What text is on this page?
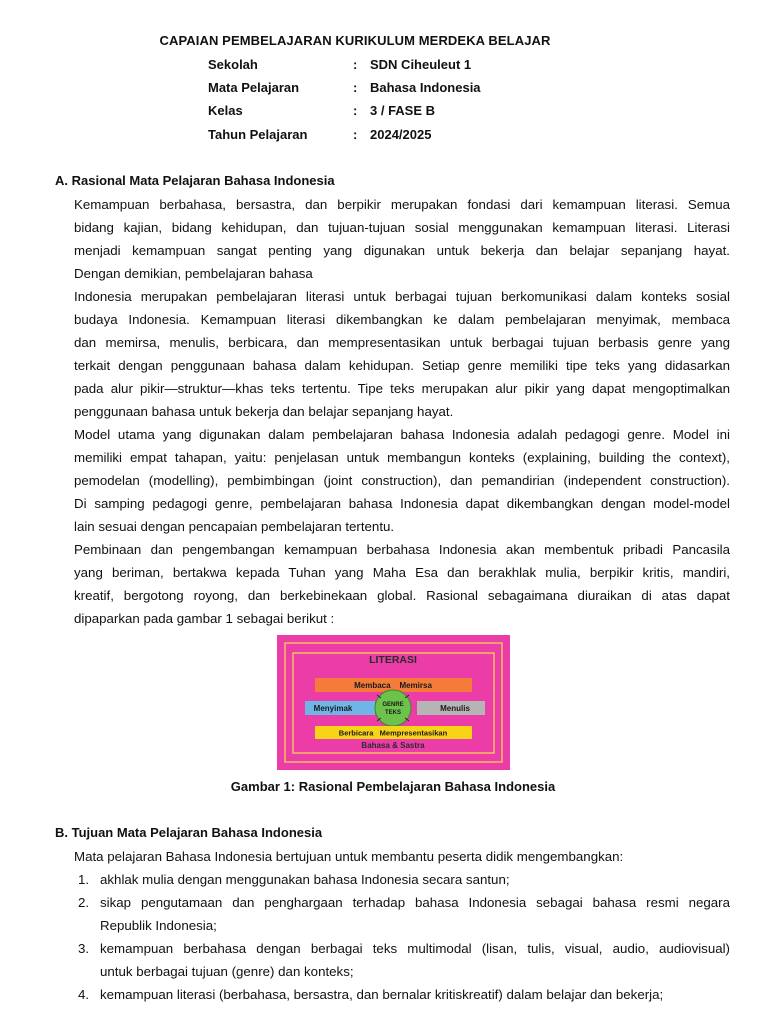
CAPAIAN PEMBELAJARAN KURIKULUM MERDEKA BELAJAR
Sekolah	: SDN Ciheuleut 1
Mata Pelajaran	: Bahasa Indonesia
Kelas	: 3 / FASE B
Tahun Pelajaran	: 2024/2025
A. Rasional Mata Pelajaran Bahasa Indonesia
Kemampuan berbahasa, bersastra, dan berpikir merupakan fondasi dari kemampuan literasi. Semua
bidang kajian, bidang kehidupan, dan tujuan-tujuan sosial menggunakan kemampuan literasi. Literasi
menjadi kemampuan sangat penting yang digunakan untuk bekerja dan belajar sepanjang hayat.
Dengan demikian, pembelajaran bahasa
Indonesia merupakan pembelajaran literasi untuk berbagai tujuan berkomunikasi dalam konteks sosial
budaya Indonesia. Kemampuan literasi dikembangkan ke dalam pembelajaran menyimak, membaca
dan memirsa, menulis, berbicara, dan mempresentasikan untuk berbagai tujuan berbasis genre yang
terkait dengan penggunaan bahasa dalam kehidupan. Setiap genre memiliki tipe teks yang didasarkan
pada alur pikir—struktur—khas teks tertentu. Tipe teks merupakan alur pikir yang dapat mengoptimalkan
penggunaan bahasa untuk bekerja dan belajar sepanjang hayat.
Model utama yang digunakan dalam pembelajaran bahasa Indonesia adalah pedagogi genre. Model ini
memiliki empat tahapan, yaitu: penjelasan untuk membangun konteks (explaining, building the context),
pemodelan (modelling), pembimbingan (joint construction), dan pemandirian (independent construction).
Di samping pedagogi genre, pembelajaran bahasa Indonesia dapat dikembangkan dengan model-model
lain sesuai dengan pencapaian pembelajaran tertentu.
Pembinaan dan pengembangan kemampuan berbahasa Indonesia akan membentuk pribadi Pancasila
yang beriman, bertakwa kepada Tuhan yang Maha Esa dan berakhlak mulia, berpikir kritis, mandiri,
kreatif, bergotong royong, dan berkebinekaan global. Rasional sebagaimana diuraikan di atas dapat
dipaparkan pada gambar 1 sebagai berikut :
LITERASI
Membaca    Memirsa
Menyimak	Menulis
GENRE
TEKS
Berbicara   Mempresentasikan
Bahasa & Sastra
Gambar 1: Rasional Pembelajaran Bahasa Indonesia
B. Tujuan Mata Pelajaran Bahasa Indonesia
Mata pelajaran Bahasa Indonesia bertujuan untuk membantu peserta didik mengembangkan:
1. akhlak mulia dengan menggunakan bahasa Indonesia secara santun;
2. sikap pengutamaan dan penghargaan terhadap bahasa Indonesia sebagai bahasa resmi negara
Republik Indonesia;
3. kemampuan berbahasa dengan berbagai teks multimodal (lisan, tulis, visual, audio, audiovisual)
untuk berbagai tujuan (genre) dan konteks;
4. kemampuan literasi (berbahasa, bersastra, dan bernalar kritiskreatif) dalam belajar dan bekerja;
